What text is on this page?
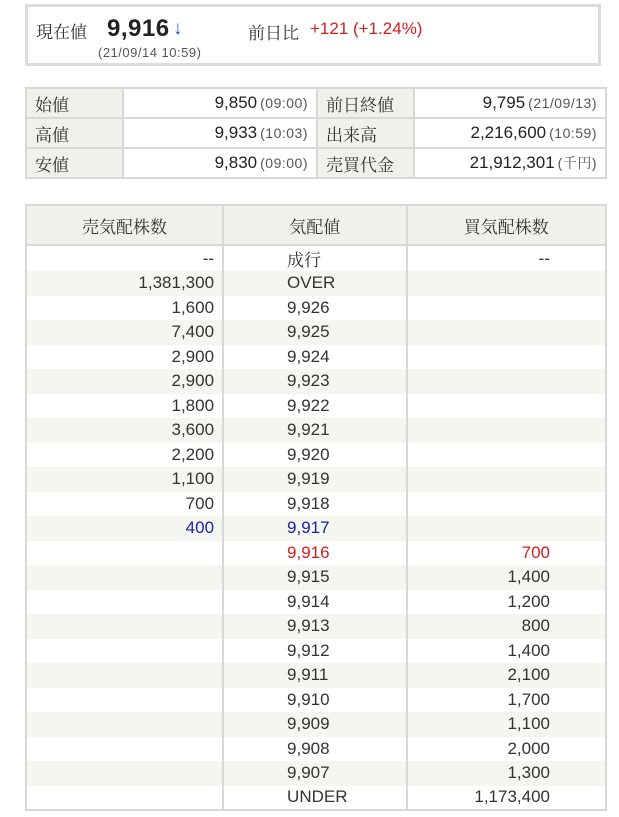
現在値 9,916 ↓
(21/09/14 10:59)
前日比 +121 (+1.24%)
始値	9,850 (09:00)	前日終値	9,795 (21/09/13)
高値	9,933 (10:03)	出来高	2,216,600 (10:59)
安値	9,830 (09:00)	売買代金	21,912,301 (千円)
売気配株数	気配値	買気配株数
--	成行	--
1,381,300	OVER	
1,600	9,926	
7,400	9,925	
2,900	9,924	
2,900	9,923	
1,800	9,922	
3,600	9,921	
2,200	9,920	
1,100	9,919	
700	9,918	
400	9,917	
	9,916	700
	9,915	1,400
	9,914	1,200
	9,913	800
	9,912	1,400
	9,911	2,100
	9,910	1,700
	9,909	1,100
	9,908	2,000
	9,907	1,300
	UNDER	1,173,400
